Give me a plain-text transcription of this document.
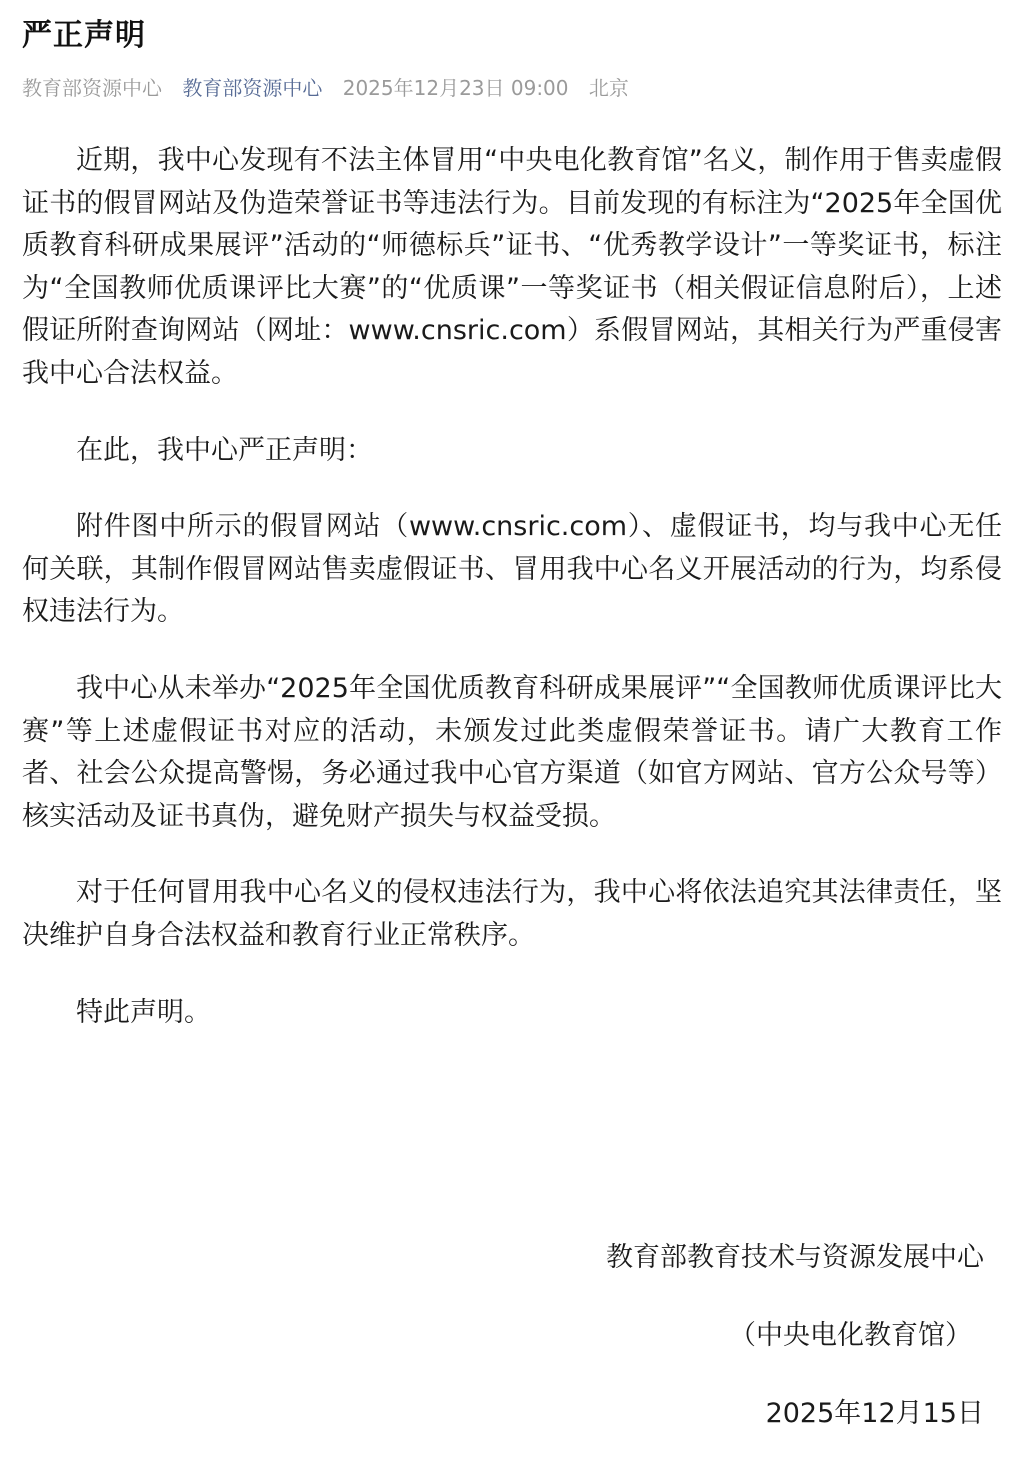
严正声明
教育部资源中心 教育部资源中心 2025年12月23日 09:00 北京

近期，我中心发现有不法主体冒用“中央电化教育馆”名义，制作用于售卖虚假证书的假冒网站及伪造荣誉证书等违法行为。目前发现的有标注为“2025年全国优质教育科研成果展评”活动的“师德标兵”证书、“优秀教学设计”一等奖证书，标注为“全国教师优质课评比大赛”的“优质课”一等奖证书（相关假证信息附后），上述假证所附查询网站（网址：www.cnsric.com）系假冒网站，其相关行为严重侵害我中心合法权益。

在此，我中心严正声明：

附件图中所示的假冒网站（www.cnsric.com）、虚假证书，均与我中心无任何关联，其制作假冒网站售卖虚假证书、冒用我中心名义开展活动的行为，均系侵权违法行为。

我中心从未举办“2025年全国优质教育科研成果展评”“全国教师优质课评比大赛”等上述虚假证书对应的活动，未颁发过此类虚假荣誉证书。请广大教育工作者、社会公众提高警惕，务必通过我中心官方渠道（如官方网站、官方公众号等）核实活动及证书真伪，避免财产损失与权益受损。

对于任何冒用我中心名义的侵权违法行为，我中心将依法追究其法律责任，坚决维护自身合法权益和教育行业正常秩序。

特此声明。

教育部教育技术与资源发展中心
（中央电化教育馆）
2025年12月15日
